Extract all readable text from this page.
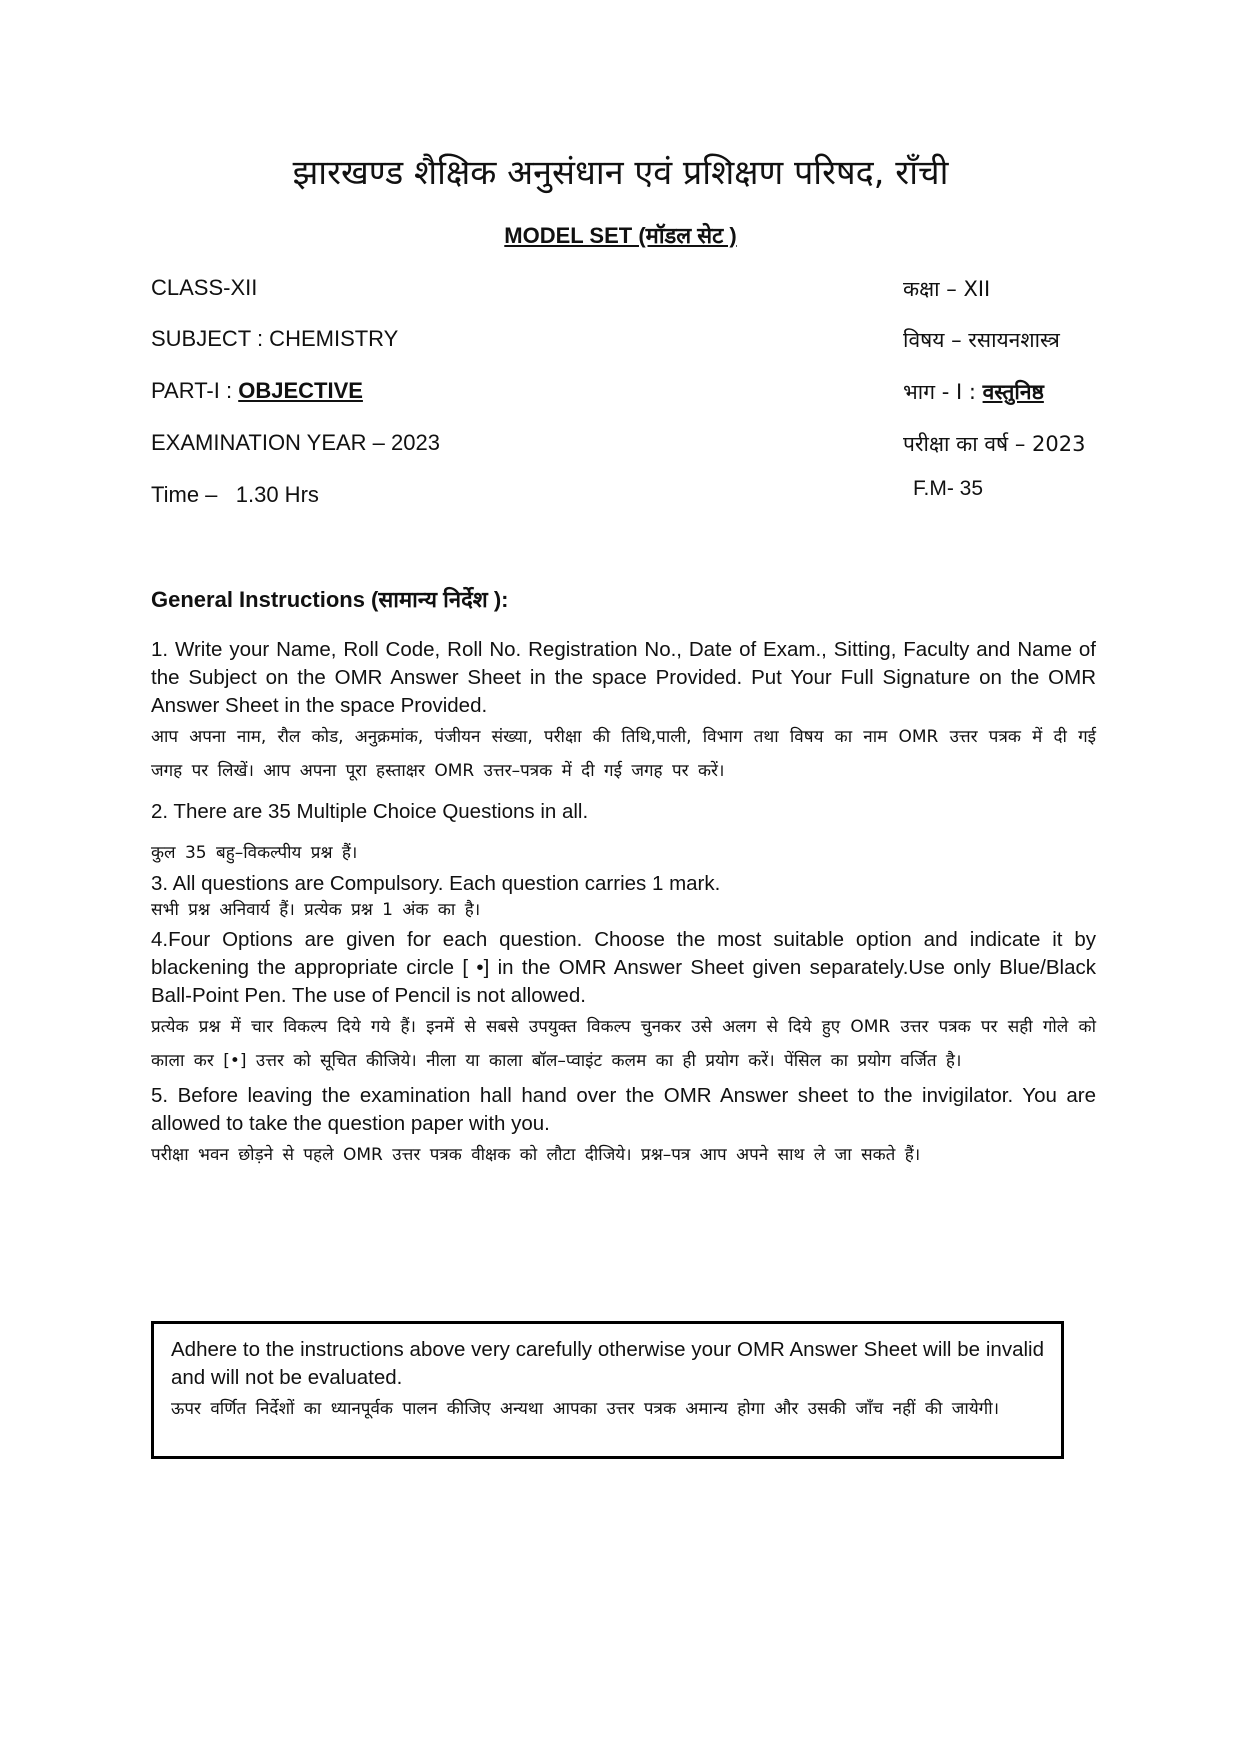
झारखण्ड शैक्षिक अनुसंधान एवं प्रशिक्षण परिषद, राँची
MODEL SET (मॉडल सेट )
CLASS-XII	कक्षा – XII
SUBJECT : CHEMISTRY	विषय – रसायनशास्त्र
PART-I : OBJECTIVE	भाग - I : वस्तुनिष्ठ
EXAMINATION YEAR – 2023	परीक्षा का वर्ष – 2023
Time –   1.30 Hrs	F.M- 35
General Instructions (सामान्य निर्देश ):

1. Write your Name, Roll Code, Roll No. Registration No., Date of Exam., Sitting, Faculty and Name of the Subject on the OMR Answer Sheet in the space Provided. Put Your Full Signature on the OMR Answer Sheet in the space Provided.

आप अपना नाम, रौल कोड, अनुक्रमांक, पंजीयन संख्या, परीक्षा की तिथि,पाली, विभाग तथा विषय का नाम OMR उत्तर पत्रक में दी गई जगह पर लिखें। आप अपना पूरा हस्ताक्षर OMR उत्तर–पत्रक में दी गई जगह पर करें।

2. There are 35 Multiple Choice Questions in all.

कुल 35 बहु–विकल्पीय प्रश्न हैं।

3. All questions are Compulsory. Each question carries 1 mark.

सभी प्रश्न अनिवार्य हैं। प्रत्येक प्रश्न 1 अंक का है।

4.Four Options are given for each question. Choose the most suitable option and indicate it by blackening the appropriate circle [ •] in the OMR Answer Sheet given separately.Use only Blue/Black Ball-Point Pen. The use of Pencil is not allowed.

प्रत्येक प्रश्न में चार विकल्प दिये गये हैं। इनमें से सबसे उपयुक्त विकल्प चुनकर उसे अलग से दिये हुए OMR उत्तर पत्रक पर सही गोले को काला कर [•] उत्तर को सूचित कीजिये। नीला या काला बॉल–प्वाइंट कलम का ही प्रयोग करें। पेंसिल का प्रयोग वर्जित है।

5. Before leaving the examination hall hand over the OMR Answer sheet to the invigilator. You are allowed to take the question paper with you.

परीक्षा भवन छोड़ने से पहले OMR उत्तर पत्रक वीक्षक को लौटा दीजिये। प्रश्न–पत्र आप अपने साथ ले जा सकते हैं।

Adhere to the instructions above very carefully otherwise your OMR Answer Sheet will be invalid and will not be evaluated.

ऊपर वर्णित निर्देशों का ध्यानपूर्वक पालन कीजिए अन्यथा आपका उत्तर पत्रक अमान्य होगा और उसकी जाँच नहीं की जायेगी।
